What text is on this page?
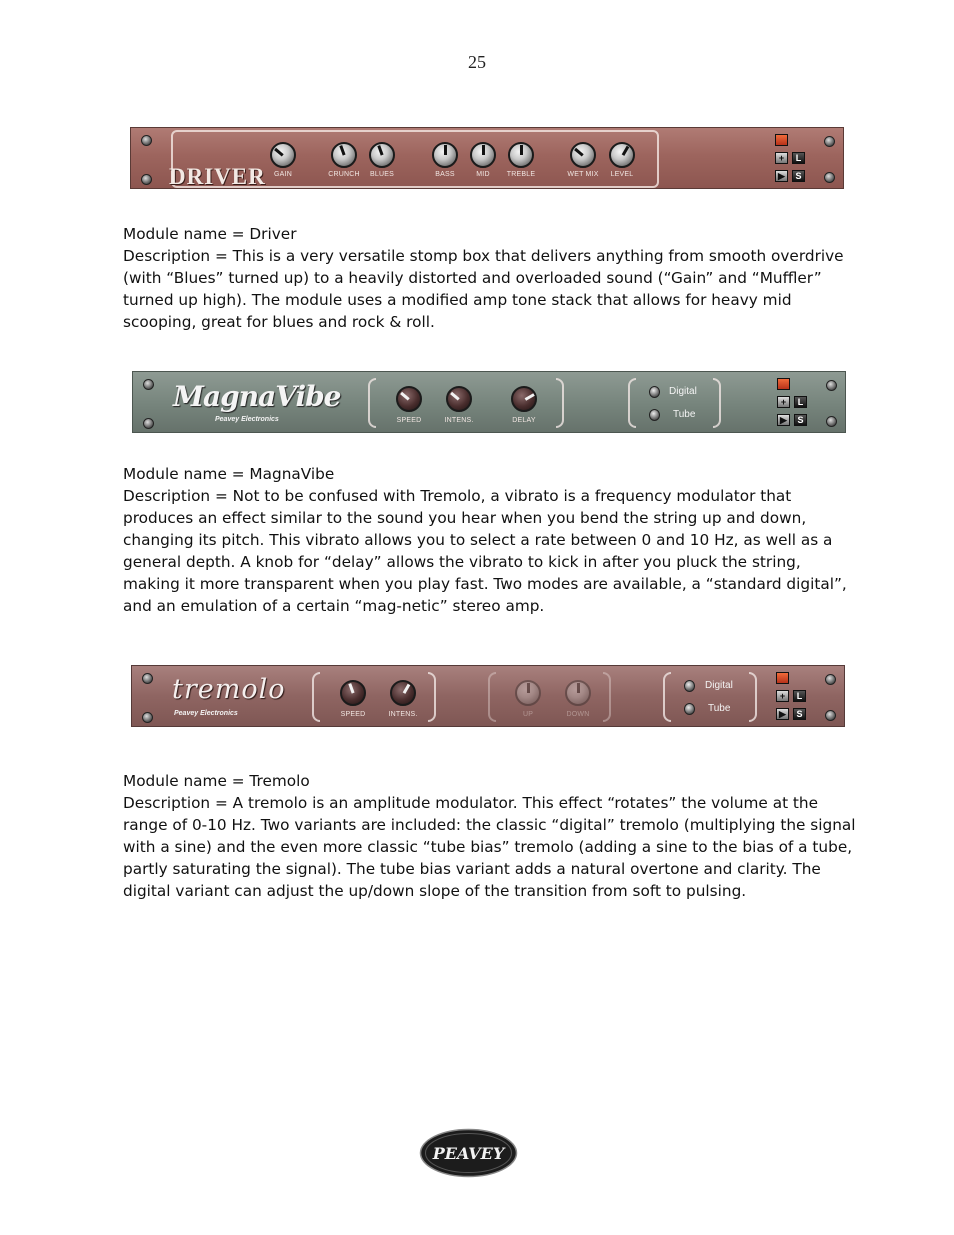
25
DRIVER	GAIN	CRUNCH	BLUES	BASS	MID	TREBLE	WET MIX	LEVEL
+	L
▶	S

Module name = Driver

Description = This is a very versatile stomp box that delivers anything from smooth overdrive (with “Blues” turned up) to a heavily distorted and overloaded sound (“Gain” and “Muffler” turned up high). The module uses a modified amp tone stack that allows for heavy mid scooping, great for blues and rock & roll.

MagnaVibe
Peavey Electronics	SPEED	INTENS.	DELAY
Digital
Tube
+	L
▶	S

Module name = MagnaVibe

Description = Not to be confused with Tremolo, a vibrato is a frequency modulator that produces an effect similar to the sound you hear when you bend the string up and down, changing its pitch. This vibrato allows you to select a rate between 0 and 10 Hz, as well as a general depth. A knob for “delay” allows the vibrato to kick in after you pluck the string, making it more transparent when you play fast. Two modes are available, a “standard digital”, and an emulation of a certain “mag-netic” stereo amp.

tremolo
Peavey Electronics	SPEED	INTENS.	UP	DOWN
Digital
Tube
+	L
▶	S

Module name = Tremolo

Description = A tremolo is an amplitude modulator. This effect “rotates” the volume at the range of 0-10 Hz. Two variants are included: the classic “digital” tremolo (multiplying the signal with a sine) and the even more classic “tube bias” tremolo (adding a sine to the bias of a tube, partly saturating the signal). The tube bias variant adds a natural overtone and clarity. The digital variant can adjust the up/down slope of the transition from soft to pulsing.

PEAVEY
